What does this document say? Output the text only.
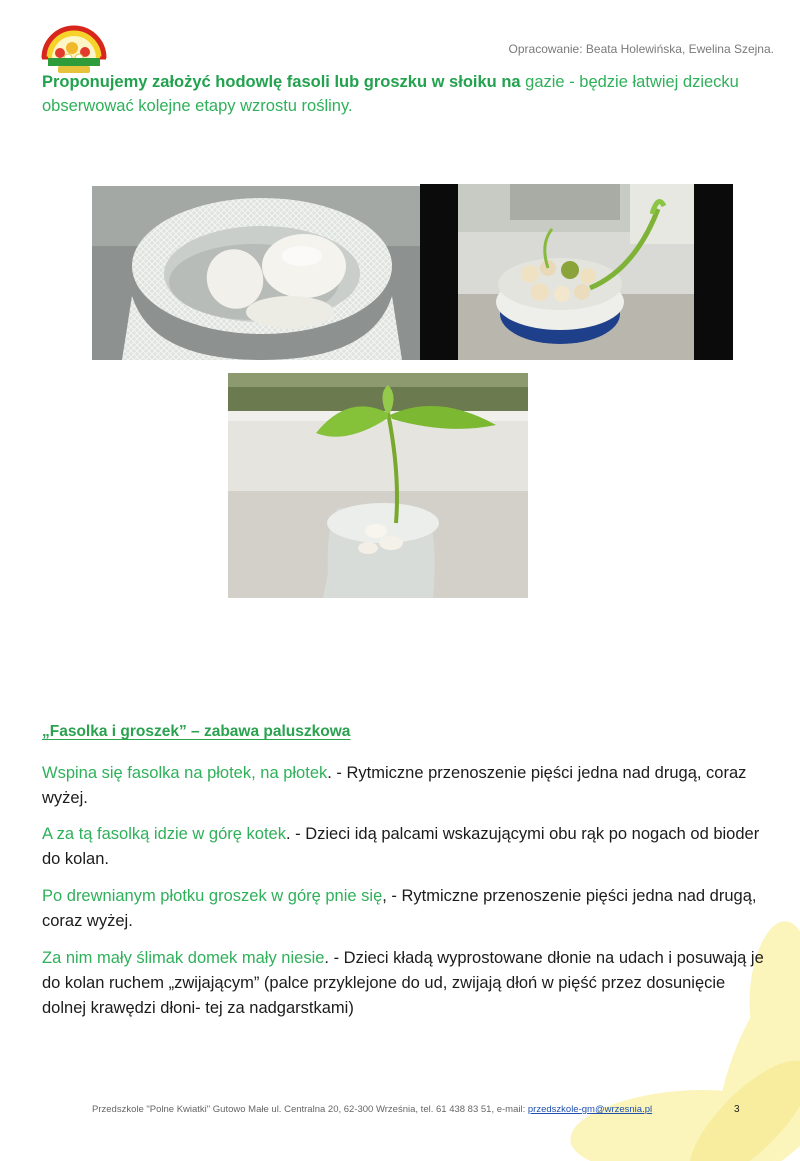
Opracowanie: Beata Holewińska, Ewelina Szejna.
Proponujemy założyć hodowlę fasoli lub groszku w słoiku na gazie - będzie łatwiej dziecku obserwować kolejne etapy wzrostu rośliny.
„Fasolka i groszek” – zabawa paluszkowa
Wspina się fasolka na płotek, na płotek. - Rytmiczne przenoszenie pięści jedna nad drugą, coraz wyżej.
A za tą fasolką idzie w górę kotek. - Dzieci idą palcami wskazującymi obu rąk po nogach od bioder do kolan.
Po drewnianym płotku groszek w górę pnie się, - Rytmiczne przenoszenie pięści jedna nad drugą, coraz wyżej.
Za nim mały ślimak domek mały niesie. - Dzieci kładą wyprostowane dłonie na udach i posuwają je do kolan ruchem „zwijającym” (palce przyklejone do ud, zwijają dłoń w pięść przez dosunięcie dolnej krawędzi dłoni- tej za nadgarstkami)
Przedszkole "Polne Kwiatki" Gutowo Małe ul. Centralna 20, 62-300 Września, tel. 61 438 83 51, e-mail: przedszkole-gm@wrzesnia.pl	3
